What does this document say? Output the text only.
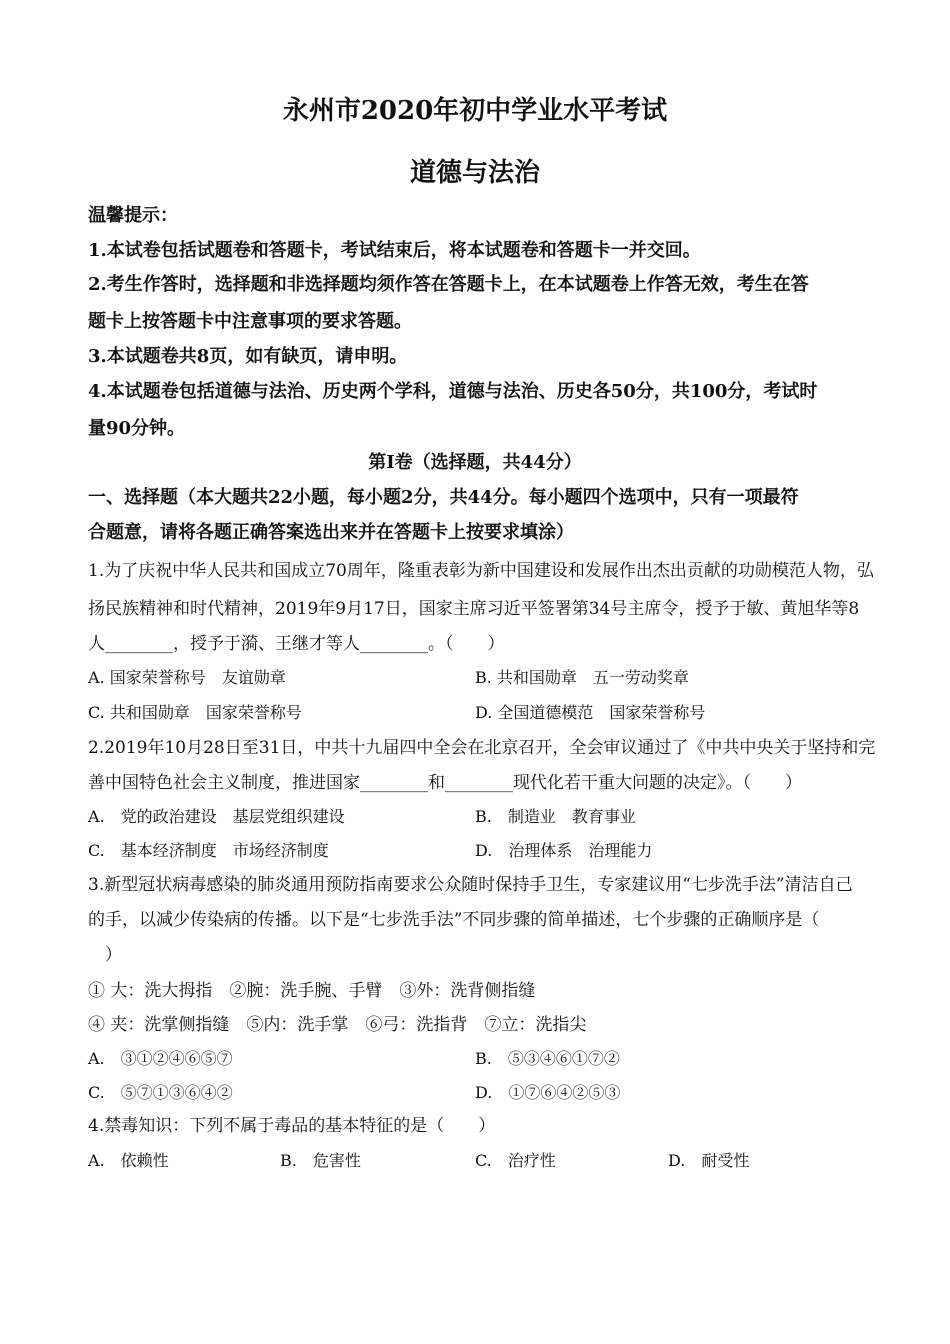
永州市2020年初中学业水平考试
道德与法治
温馨提示：
1.本试卷包括试题卷和答题卡，考试结束后，将本试题卷和答题卡一并交回。
2.考生作答时，选择题和非选择题均须作答在答题卡上，在本试题卷上作答无效，考生在答
题卡上按答题卡中注意事项的要求答题。
3.本试题卷共8页，如有缺页，请申明。
4.本试题卷包括道德与法治、历史两个学科，道德与法治、历史各50分，共100分，考试时
量90分钟。
第Ⅰ卷（选择题，共44分）
一、选择题（本大题共22小题，每小题2分，共44分。每小题四个选项中，只有一项最符
合题意，请将各题正确答案选出来并在答题卡上按要求填涂）
1.为了庆祝中华人民共和国成立70周年，隆重表彰为新中国建设和发展作出杰出贡献的功勋模范人物，弘
扬民族精神和时代精神，2019年9月17日，国家主席习近平签署第34号主席令，授予于敏、黄旭华等8
人________，授予于漪、王继才等人________。（　　）
A. 国家荣誉称号　友谊勋章	B. 共和国勋章　五一劳动奖章
C. 共和国勋章　国家荣誉称号	D. 全国道德模范　国家荣誉称号
2.2019年10月28日至31日，中共十九届四中全会在北京召开，全会审议通过了《中共中央关于坚持和完
善中国特色社会主义制度，推进国家________和________现代化若干重大问题的决定》。（　　）
A.　党的政治建设　基层党组织建设	B.　制造业　教育事业
C.　基本经济制度　市场经济制度	D.　治理体系　治理能力
3.新型冠状病毒感染的肺炎通用预防指南要求公众随时保持手卫生，专家建议用“七步洗手法”清洁自己
的手，以减少传染病的传播。以下是“七步洗手法”不同步骤的简单描述，七个步骤的正确顺序是（
　）
① 大：洗大拇指　②腕：洗手腕、手臂　③外：洗背侧指缝
④ 夹：洗掌侧指缝　⑤内：洗手掌　⑥弓：洗指背　⑦立：洗指尖
A.　③①②④⑥⑤⑦	B.　⑤③④⑥①⑦②
C.　⑤⑦①③⑥④②	D.　①⑦⑥④②⑤③
4.禁毒知识：下列不属于毒品的基本特征的是（　　）
A.　依赖性	B.　危害性	C.　治疗性	D.　耐受性
